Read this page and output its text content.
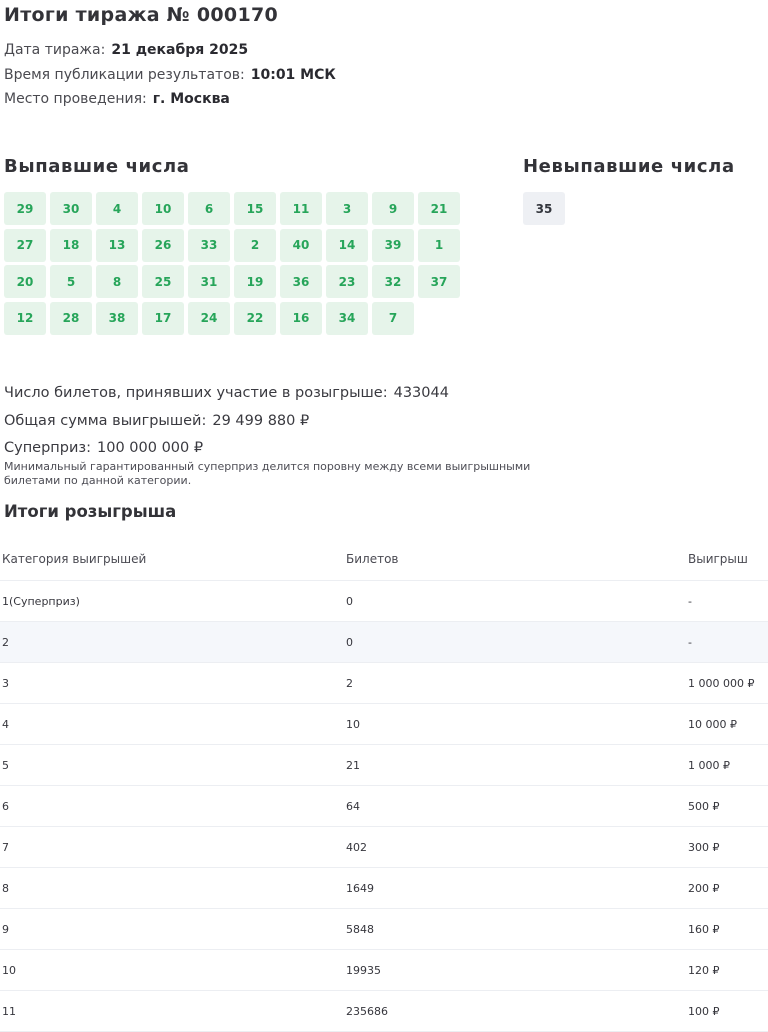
Итоги тиража № 000170
Дата тиража: 21 декабря 2025
Время публикации результатов: 10:01 МСК
Место проведения: г. Москва
Выпавшие числа	Невыпавшие числа
29	30	4	10	6	15	11	3	9	21
27	18	13	26	33	2	40	14	39	1
20	5	8	25	31	19	36	23	32	37
12	28	38	17	24	22	16	34	7
35
Число билетов, принявших участие в розыгрыше: 433044
Общая сумма выигрышей: 29 499 880 ₽
Суперприз: 100 000 000 ₽
Минимальный гарантированный суперприз делится поровну между всеми выигрышными билетами по данной категории.
Итоги розыгрыша
Категория выигрышей	Билетов	Выигрыш
1(Суперприз)	0	-
2	0	-
3	2	1 000 000 ₽
4	10	10 000 ₽
5	21	1 000 ₽
6	64	500 ₽
7	402	300 ₽
8	1649	200 ₽
9	5848	160 ₽
10	19935	120 ₽
11	235686	100 ₽
